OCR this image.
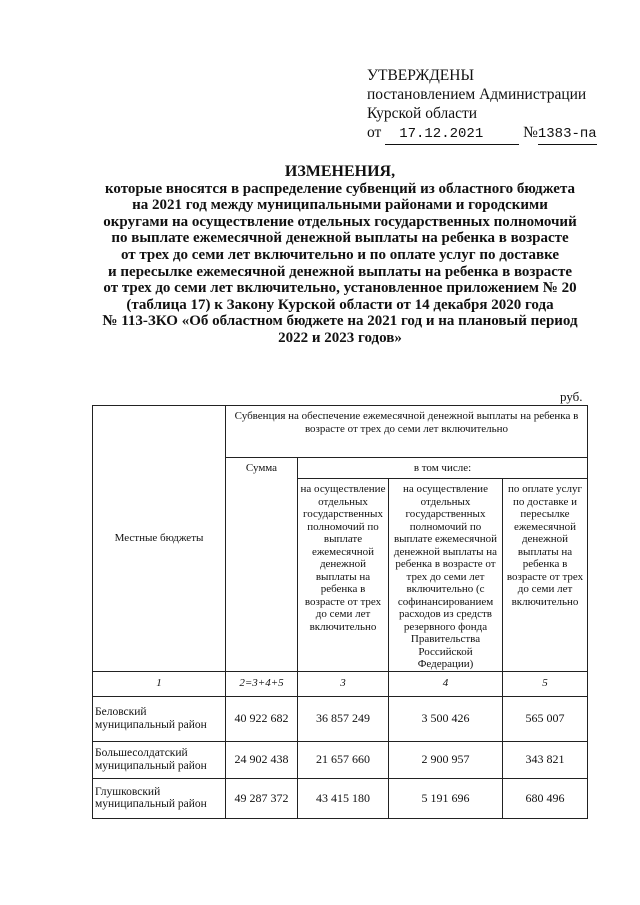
УТВЕРЖДЕНЫ
постановлением Администрации
Курской области
от 17.12.2021	№1383-па
ИЗМЕНЕНИЯ,
которые вносятся в распределение субвенций из областного бюджета
на 2021 год между муниципальными районами и городскими
округами на осуществление отдельных государственных полномочий
по выплате ежемесячной денежной выплаты на ребенка в возрасте
от трех до семи лет включительно и по оплате услуг по доставке
и пересылке ежемесячной денежной выплаты на ребенка в возрасте
от трех до семи лет включительно, установленное приложением № 20
(таблица 17) к Закону Курской области от 14 декабря 2020 года
№ 113-ЗКО «Об областном бюджете на 2021 год и на плановый период
2022 и 2023 годов»
руб.
Местные бюджеты	Субвенция на обеспечение ежемесячной денежной выплаты на ребенка в возрасте от трех до семи лет включительно			
	Сумма	в том числе:		
		на осуществление отдельных государственных полномочий по выплате ежемесячной денежной выплаты на ребенка в возрасте от трех до семи лет включительно	на осуществление отдельных государственных полномочий по выплате ежемесячной денежной выплаты на ребенка в возрасте от трех до семи лет включительно (с софинансированием расходов из средств резервного фонда Правительства Российской Федерации)	по оплате услуг по доставке и пересылке ежемесячной денежной выплаты на ребенка в возрасте от трех до семи лет включительно
1	2=3+4+5	3	4	5
Беловский муниципальный район	40 922 682	36 857 249	3 500 426	565 007
Большесолдатский муниципальный район	24 902 438	21 657 660	2 900 957	343 821
Глушковский муниципальный район	49 287 372	43 415 180	5 191 696	680 496
